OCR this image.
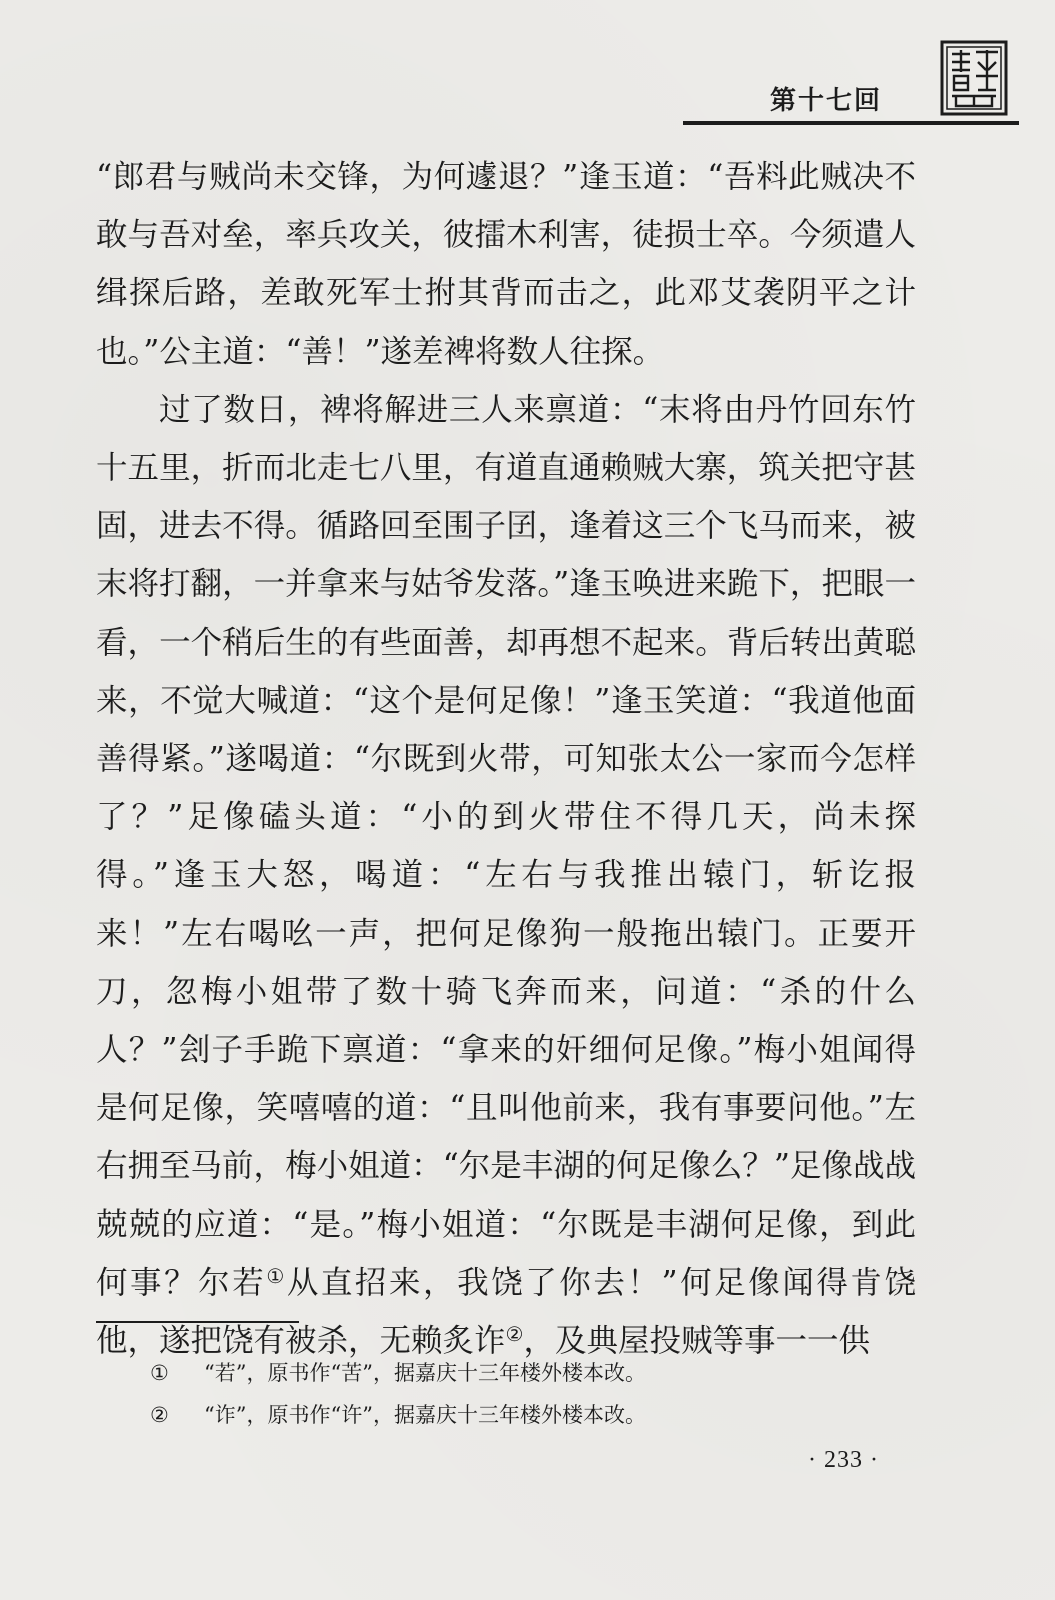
第十七回

“郎君与贼尚未交锋，为何遽退？”逢玉道：“吾料此贼决不敢与吾对垒，率兵攻关，彼擂木利害，徒损士卒。今须遣人缉探后路，差敢死军士拊其背而击之，此邓艾袭阴平之计也。”公主道：“善！”遂差裨将数人往探。

过了数日，裨将解进三人来禀道：“末将由丹竹回东竹十五里，折而北走七八里，有道直通赖贼大寨，筑关把守甚固，进去不得。循路回至围子囝，逢着这三个飞马而来，被末将打翻，一并拿来与姑爷发落。”逢玉唤进来跪下，把眼一看，一个稍后生的有些面善，却再想不起来。背后转出黄聪来，不觉大喊道：“这个是何足像！”逢玉笑道：“我道他面善得紧。”遂喝道：“尔既到火带，可知张太公一家而今怎样了？”足像磕头道：“小的到火带住不得几天，尚未探得。”逢玉大怒，喝道：“左右与我推出辕门，斩讫报来！”左右喝吆一声，把何足像狗一般拖出辕门。正要开刀，忽梅小姐带了数十骑飞奔而来，问道：“杀的什么人？”刽子手跪下禀道：“拿来的奸细何足像。”梅小姐闻得是何足像，笑嘻嘻的道：“且叫他前来，我有事要问他。”左右拥至马前，梅小姐道：“尔是丰湖的何足像么？”足像战战兢兢的应道：“是。”梅小姐道：“尔既是丰湖何足像，到此何事？尔若①从直招来，我饶了你去！”何足像闻得肯饶他，遂把饶有被杀，无赖炙诈②，及典屋投贼等事一一供

① “若”，原书作“苦”，据嘉庆十三年楼外楼本改。
② “诈”，原书作“许”，据嘉庆十三年楼外楼本改。
· 233 ·
